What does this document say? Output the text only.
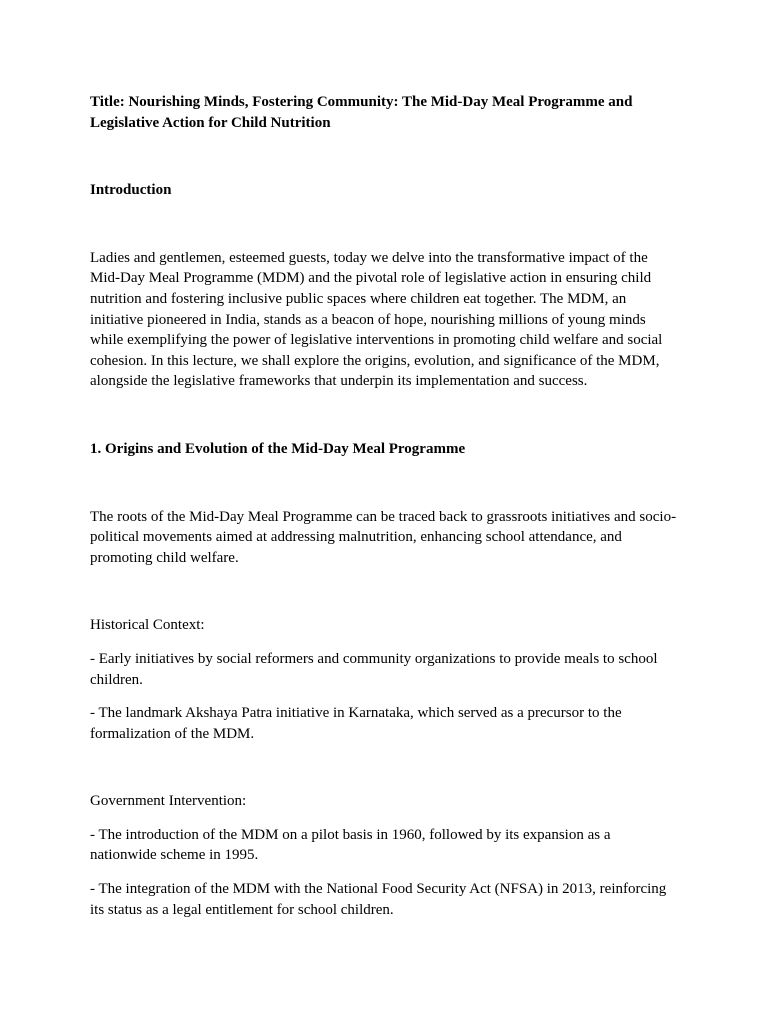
Title: Nourishing Minds, Fostering Community: The Mid-Day Meal Programme and Legislative Action for Child Nutrition

Introduction

Ladies and gentlemen, esteemed guests, today we delve into the transformative impact of the Mid-Day Meal Programme (MDM) and the pivotal role of legislative action in ensuring child nutrition and fostering inclusive public spaces where children eat together. The MDM, an initiative pioneered in India, stands as a beacon of hope, nourishing millions of young minds while exemplifying the power of legislative interventions in promoting child welfare and social cohesion. In this lecture, we shall explore the origins, evolution, and significance of the MDM, alongside the legislative frameworks that underpin its implementation and success.

1. Origins and Evolution of the Mid-Day Meal Programme

The roots of the Mid-Day Meal Programme can be traced back to grassroots initiatives and socio-political movements aimed at addressing malnutrition, enhancing school attendance, and promoting child welfare.

Historical Context:

- Early initiatives by social reformers and community organizations to provide meals to school children.

- The landmark Akshaya Patra initiative in Karnataka, which served as a precursor to the formalization of the MDM.

Government Intervention:

- The introduction of the MDM on a pilot basis in 1960, followed by its expansion as a nationwide scheme in 1995.

- The integration of the MDM with the National Food Security Act (NFSA) in 2013, reinforcing its status as a legal entitlement for school children.
